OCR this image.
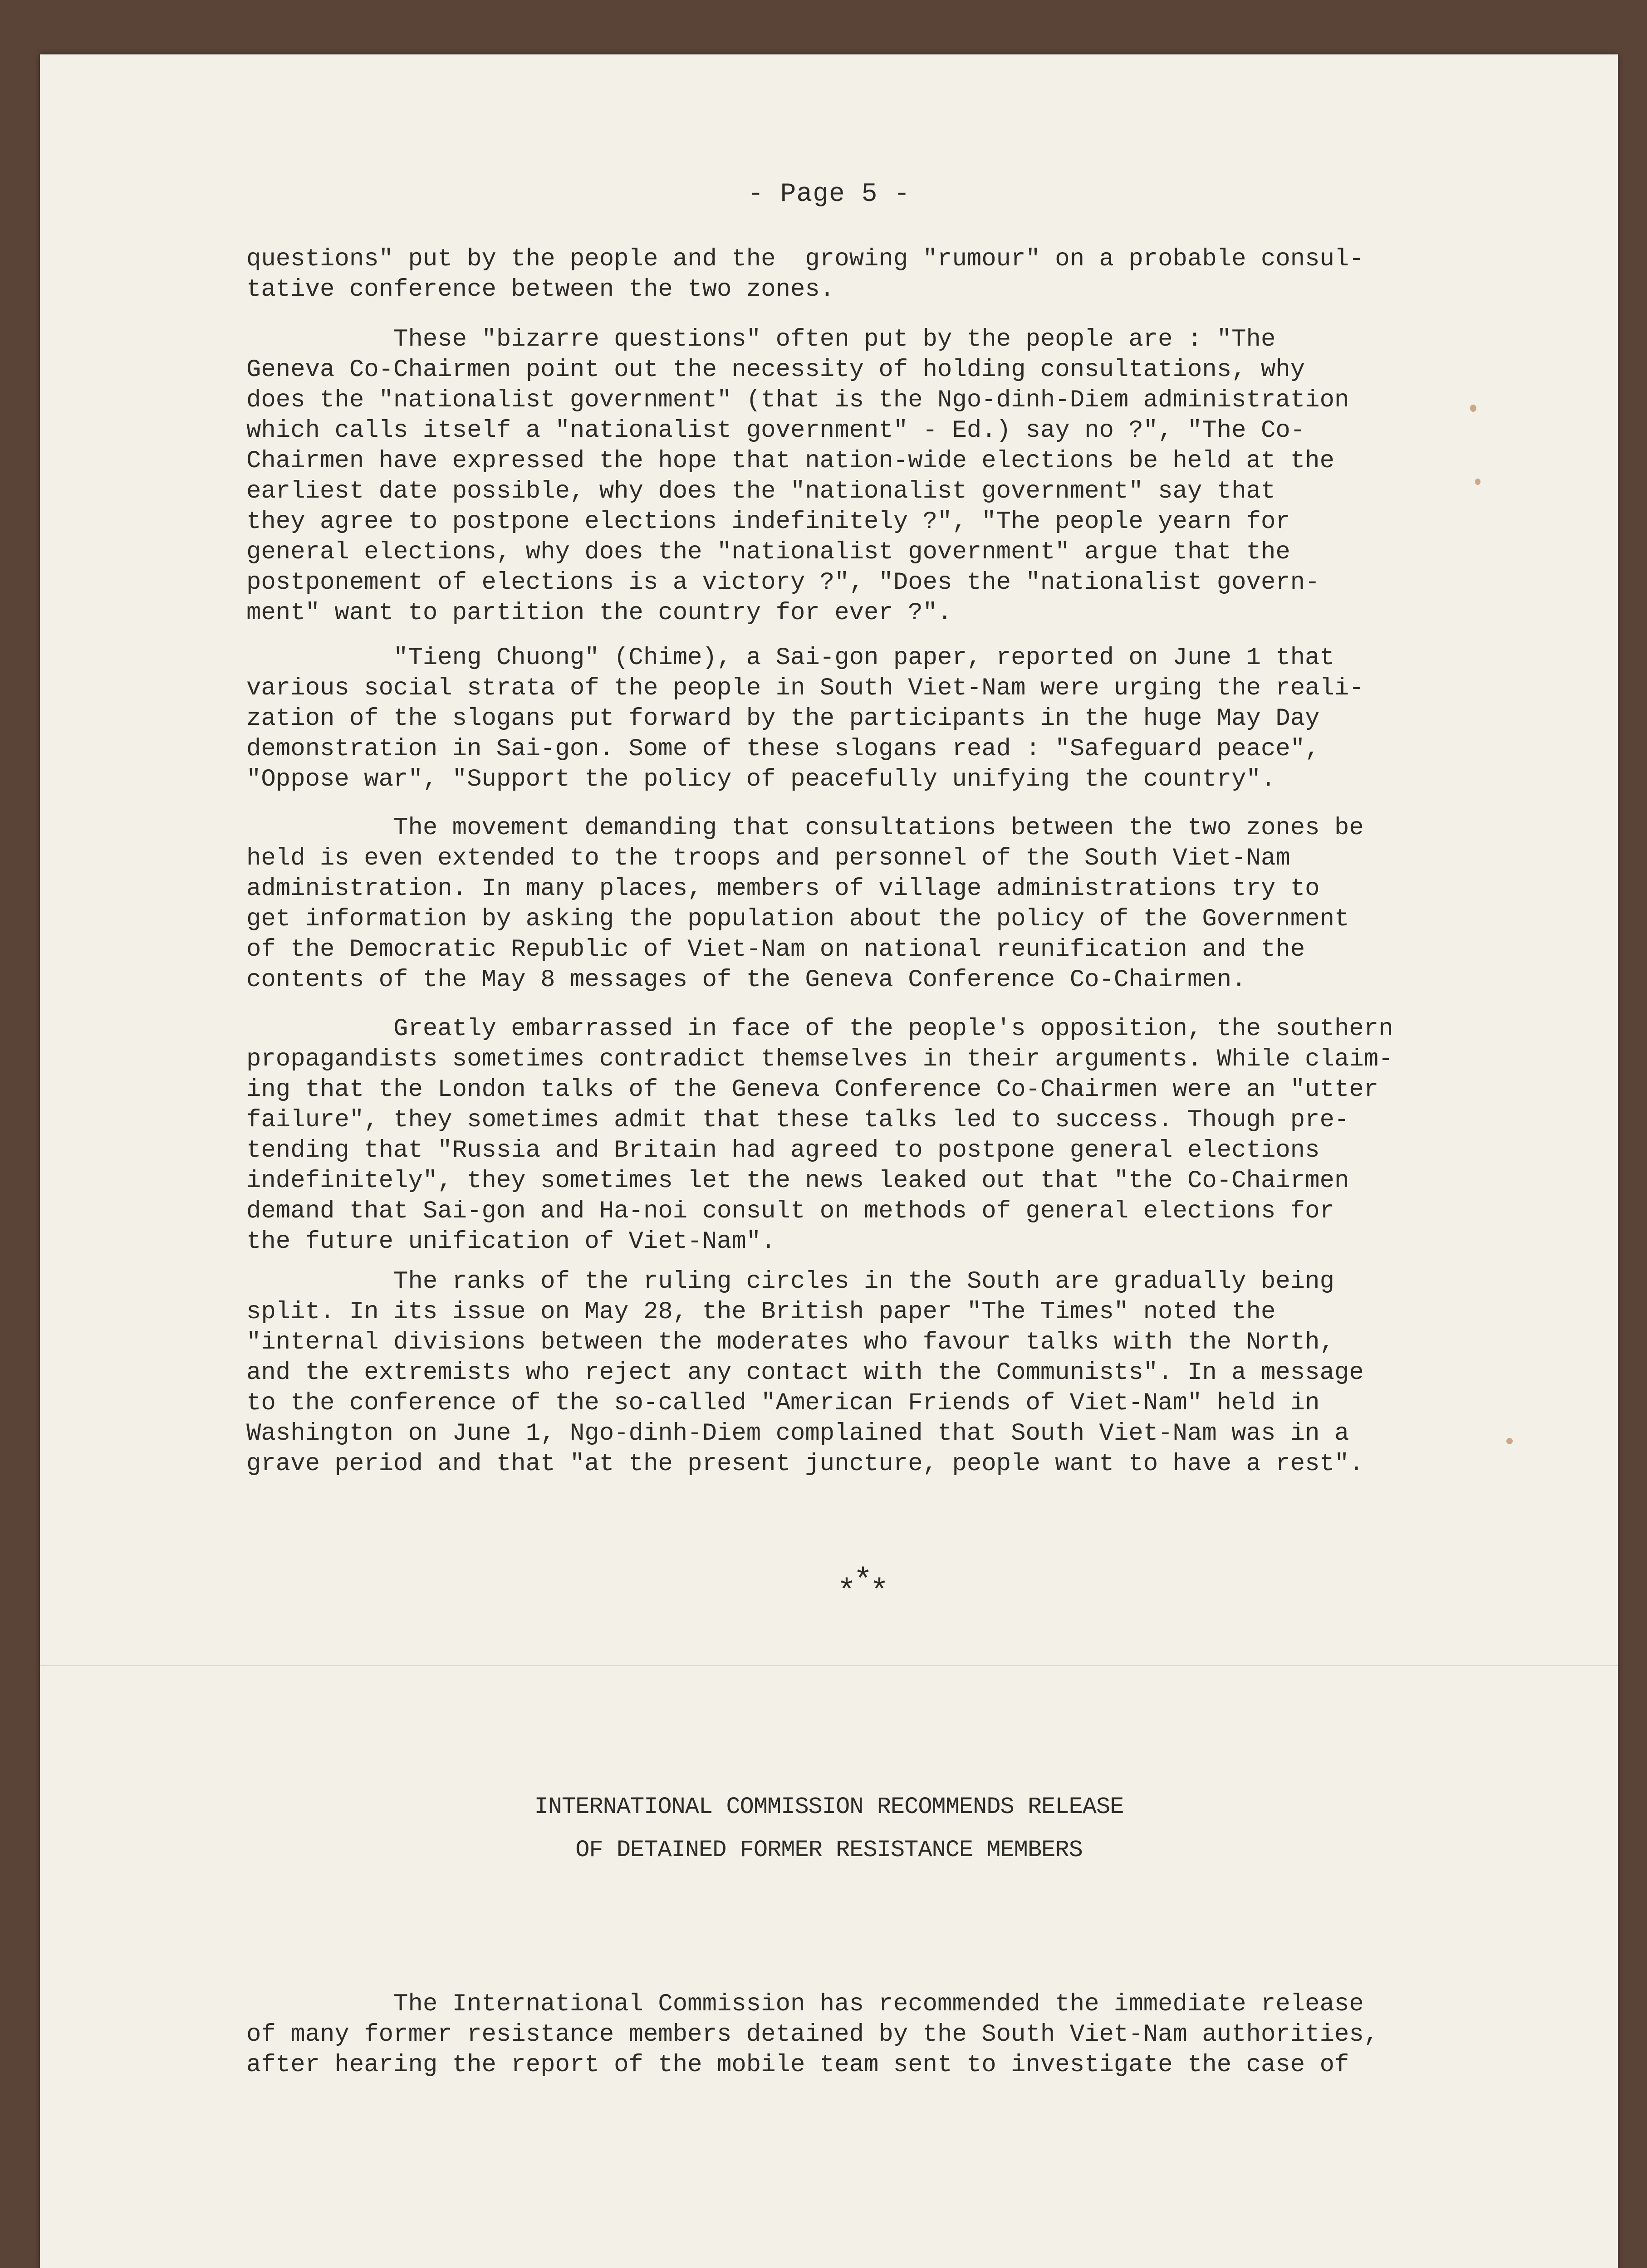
- Page 5 -

questions" put by the people and the  growing "rumour" on a probable consul-
tative conference between the two zones.

These "bizarre questions" often put by the people are : "The
Geneva Co-Chairmen point out the necessity of holding consultations, why
does the "nationalist government" (that is the Ngo-dinh-Diem administration
which calls itself a "nationalist government" - Ed.) say no ?", "The Co-
Chairmen have expressed the hope that nation-wide elections be held at the
earliest date possible, why does the "nationalist government" say that
they agree to postpone elections indefinitely ?", "The people yearn for
general elections, why does the "nationalist government" argue that the
postponement of elections is a victory ?", "Does the "nationalist govern-
ment" want to partition the country for ever ?".

"Tieng Chuong" (Chime), a Sai-gon paper, reported on June 1 that
various social strata of the people in South Viet-Nam were urging the reali-
zation of the slogans put forward by the participants in the huge May Day
demonstration in Sai-gon. Some of these slogans read : "Safeguard peace",
"Oppose war", "Support the policy of peacefully unifying the country".

The movement demanding that consultations between the two zones be
held is even extended to the troops and personnel of the South Viet-Nam
administration. In many places, members of village administrations try to
get information by asking the population about the policy of the Government
of the Democratic Republic of Viet-Nam on national reunification and the
contents of the May 8 messages of the Geneva Conference Co-Chairmen.

Greatly embarrassed in face of the people's opposition, the southern
propagandists sometimes contradict themselves in their arguments. While claim-
ing that the London talks of the Geneva Conference Co-Chairmen were an "utter
failure", they sometimes admit that these talks led to success. Though pre-
tending that "Russia and Britain had agreed to postpone general elections
indefinitely", they sometimes let the news leaked out that "the Co-Chairmen
demand that Sai-gon and Ha-noi consult on methods of general elections for
the future unification of Viet-Nam".

The ranks of the ruling circles in the South are gradually being
split. In its issue on May 28, the British paper "The Times" noted the
"internal divisions between the moderates who favour talks with the North,
and the extremists who reject any contact with the Communists". In a message
to the conference of the so-called "American Friends of Viet-Nam" held in
Washington on June 1, Ngo-dinh-Diem complained that South Viet-Nam was in a
grave period and that "at the present juncture, people want to have a rest".

***

INTERNATIONAL COMMISSION RECOMMENDS RELEASE
OF DETAINED FORMER RESISTANCE MEMBERS

The International Commission has recommended the immediate release
of many former resistance members detained by the South Viet-Nam authorities,
after hearing the report of the mobile team sent to investigate the case of
